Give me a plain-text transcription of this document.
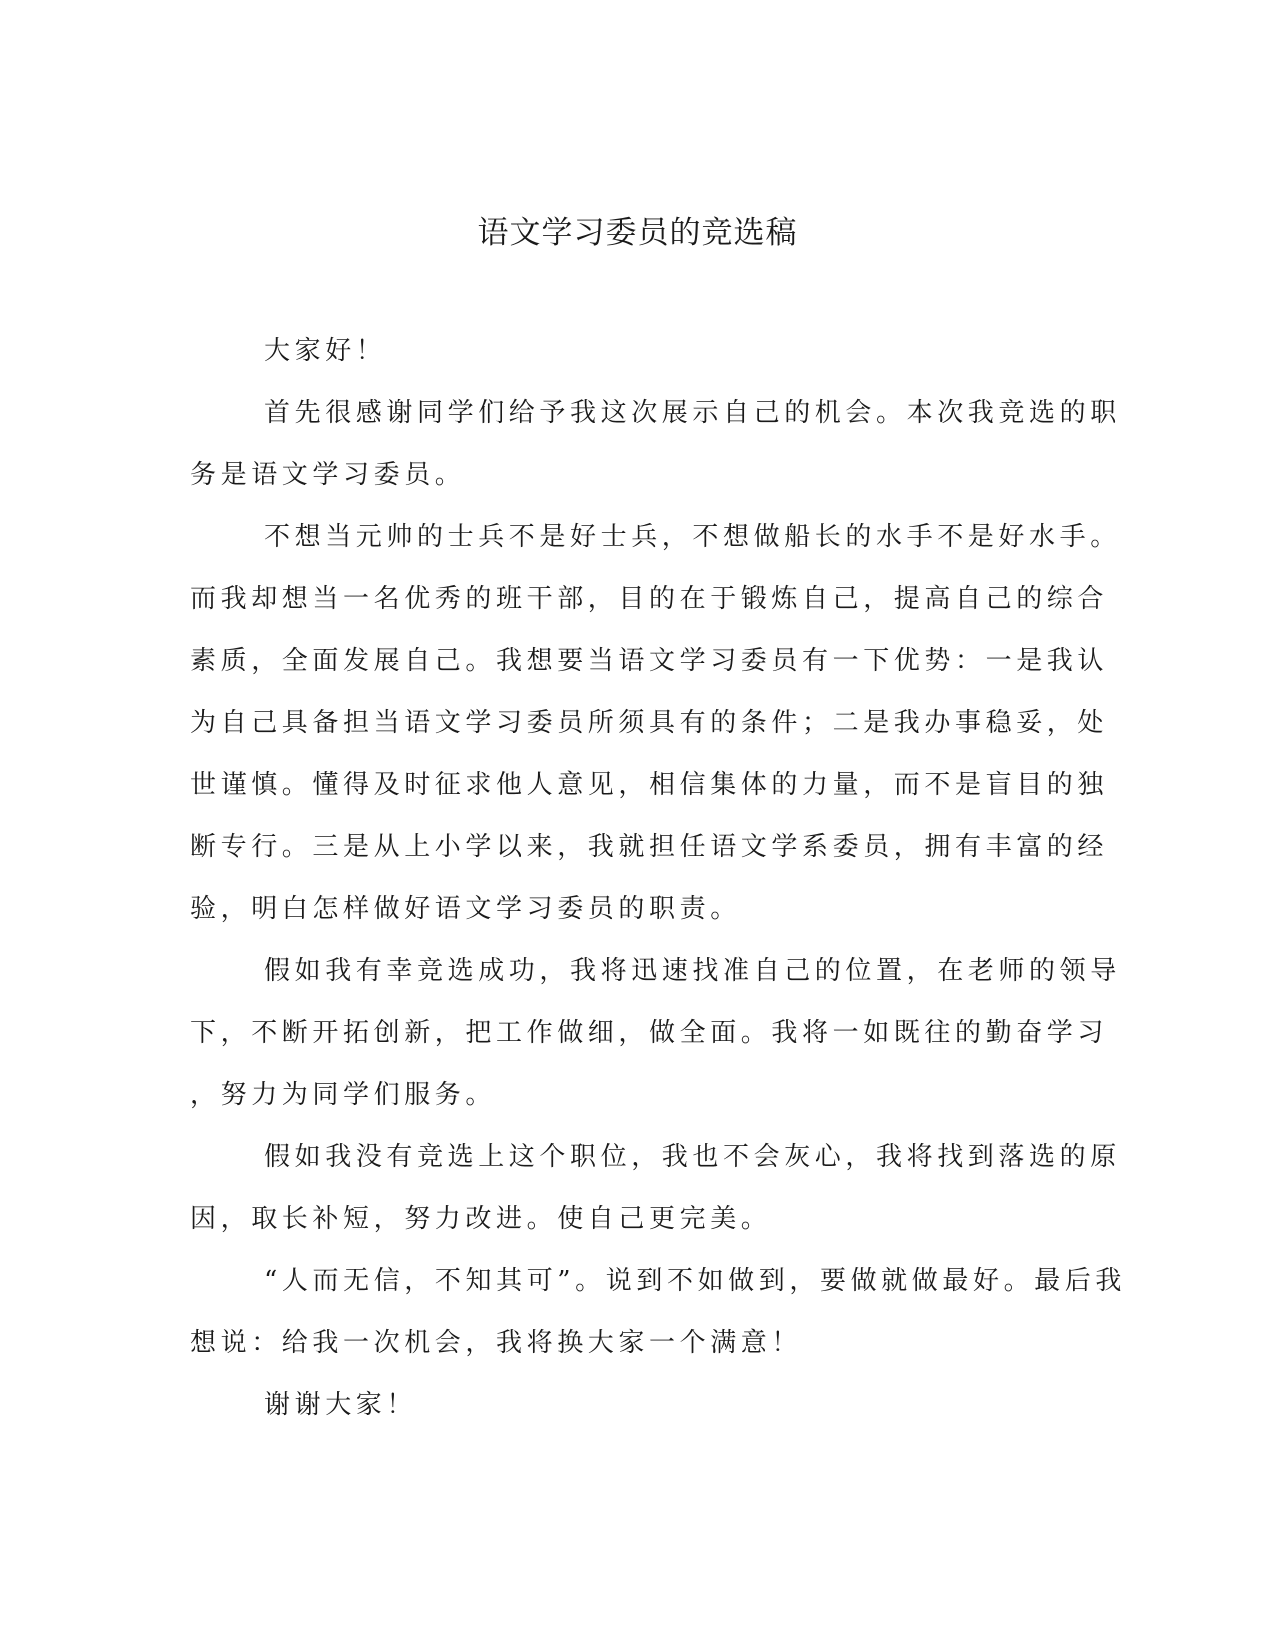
语文学习委员的竞选稿

大家好！

首先很感谢同学们给予我这次展示自己的机会。本次我竞选的职
务是语文学习委员。

不想当元帅的士兵不是好士兵，不想做船长的水手不是好水手。
而我却想当一名优秀的班干部，目的在于锻炼自己，提高自己的综合
素质，全面发展自己。我想要当语文学习委员有一下优势：一是我认
为自己具备担当语文学习委员所须具有的条件；二是我办事稳妥，处
世谨慎。懂得及时征求他人意见，相信集体的力量，而不是盲目的独
断专行。三是从上小学以来，我就担任语文学系委员，拥有丰富的经
验，明白怎样做好语文学习委员的职责。

假如我有幸竞选成功，我将迅速找准自己的位置，在老师的领导
下，不断开拓创新，把工作做细，做全面。我将一如既往的勤奋学习
，努力为同学们服务。

假如我没有竞选上这个职位，我也不会灰心，我将找到落选的原
因，取长补短，努力改进。使自己更完美。

“人而无信，不知其可”。说到不如做到，要做就做最好。最后我
想说：给我一次机会，我将换大家一个满意！

谢谢大家！
